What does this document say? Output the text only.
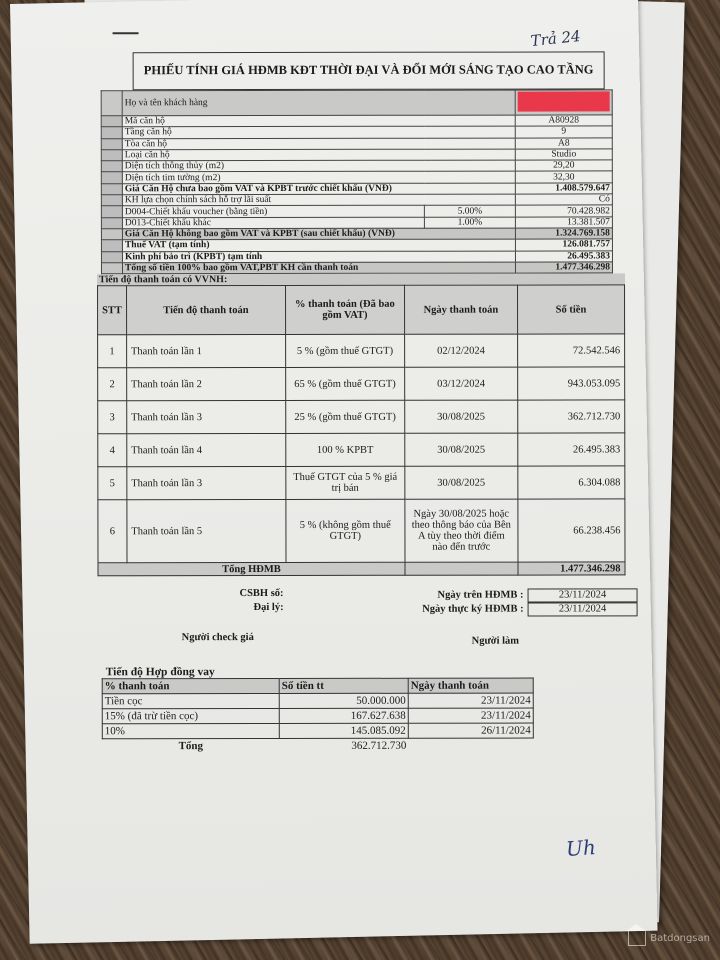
Trả 24
PHIẾU TÍNH GIÁ HĐMB KĐT THỜI ĐẠI VÀ ĐỔI MỚI SÁNG TẠO CAO TẦNG
	Họ và tên khách hàng		
	Mã căn hộ		A80928
	Tầng căn hộ		9
	Tòa căn hộ		A8
	Loại căn hộ		Studio
	Diện tích thông thủy (m2)		29,20
	Diện tích tim tường (m2)		32,30
	Giá Căn Hộ chưa bao gồm VAT và KPBT trước chiết khấu (VNĐ)		1.408.579.647
	KH lựa chọn chính sách hỗ trợ lãi suất		Có
	D004-Chiết khấu voucher (bằng tiền)	5.00%	70.428.982
	D013-Chiết khấu khác	1.00%	13.381.507
	Giá Căn Hộ không bao gồm VAT và KPBT (sau chiết khấu) (VNĐ)		1.324.769.158
	Thuế VAT (tạm tính)		126.081.757
	Kinh phí bảo trì (KPBT) tạm tính		26.495.383
	Tổng số tiền 100% bao gồm VAT,PBT KH cần thanh toán		1.477.346.298
Tiến độ thanh toán có VVNH:
STT	Tiến độ thanh toán	% thanh toán (Đã bao gồm VAT)	Ngày thanh toán	Số tiền
1	Thanh toán lần 1	5 % (gồm thuế GTGT)	02/12/2024	72.542.546
2	Thanh toán lần 2	65 % (gồm thuế GTGT)	03/12/2024	943.053.095
3	Thanh toán lần 3	25 % (gồm thuế GTGT)	30/08/2025	362.712.730
4	Thanh toán lần 4	100 % KPBT	30/08/2025	26.495.383
5	Thanh toán lần 3	Thuế GTGT của 5 % giá trị bán	30/08/2025	6.304.088
6	Thanh toán lần 5	5 % (không gồm thuế GTGT)	Ngày 30/08/2025 hoặc theo thông báo của Bên A tùy theo thời điểm nào đến trước	66.238.456
Tổng HĐMB				1.477.346.298
CSBH số:
Đại lý:
Ngày trên HĐMB :	23/11/2024
Ngày thực ký HĐMB :	23/11/2024
Người check giá	Người làm
Tiến độ Hợp đồng vay
% thanh toán	Số tiền tt	Ngày thanh toán
Tiền cọc	50.000.000	23/11/2024
15% (đã trừ tiền cọc)	167.627.638	23/11/2024
10%	145.085.092	26/11/2024
Tổng	362.712.730	
Uh
Batdongsan
